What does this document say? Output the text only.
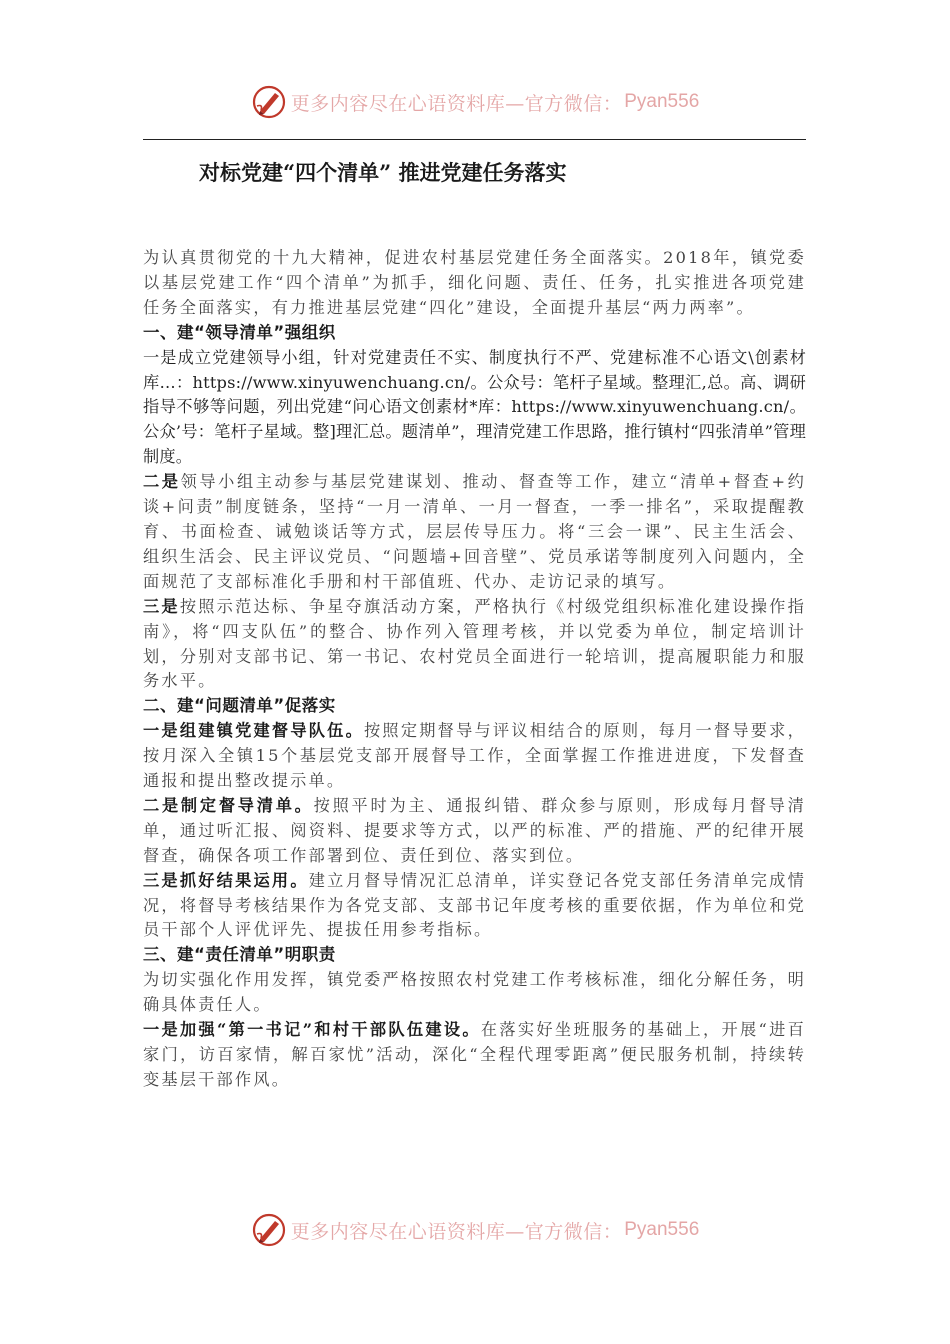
更多内容尽在心语资料库—官方微信： Pyan556
对标党建“四个清单” 推进党建任务落实

为认真贯彻党的十九大精神，促进农村基层党建任务全面落实。2018年，镇党委以基层党建工作“四个清单”为抓手，细化问题、责任、任务，扎实推进各项党建任务全面落实，有力推进基层党建“四化”建设，全面提升基层“两力两率”。

一、建“领导清单”强组织

一是成立党建领导小组，针对党建责任不实、制度执行不严、党建标准不心语文\创素材库…：https://www.xinyuwenchuang.cn/。公众号：笔杆子星域。整理汇,总。高、调研指导不够等问题，列出党建“问心语文创素材*库：https://www.xinyuwenchuang.cn/。公众’号：笔杆子星域。整]理汇总。题清单”，理清党建工作思路，推行镇村“四张清单”管理制度。

二是领导小组主动参与基层党建谋划、推动、督查等工作，建立“清单+督查+约谈+问责”制度链条，坚持“一月一清单、一月一督查，一季一排名”，采取提醒教育、书面检查、诫勉谈话等方式，层层传导压力。将“三会一课”、民主生活会、组织生活会、民主评议党员、“问题墙+回音壁”、党员承诺等制度列入问题内，全面规范了支部标准化手册和村干部值班、代办、走访记录的填写。

三是按照示范达标、争星夺旗活动方案，严格执行《村级党组织标准化建设操作指南》，将“四支队伍”的整合、协作列入管理考核，并以党委为单位，制定培训计划，分别对支部书记、第一书记、农村党员全面进行一轮培训，提高履职能力和服务水平。

二、建“问题清单”促落实

一是组建镇党建督导队伍。按照定期督导与评议相结合的原则，每月一督导要求，按月深入全镇15个基层党支部开展督导工作，全面掌握工作推进进度，下发督查通报和提出整改提示单。

二是制定督导清单。按照平时为主、通报纠错、群众参与原则，形成每月督导清单，通过听汇报、阅资料、提要求等方式，以严的标准、严的措施、严的纪律开展督查，确保各项工作部署到位、责任到位、落实到位。

三是抓好结果运用。建立月督导情况汇总清单，详实登记各党支部任务清单完成情况，将督导考核结果作为各党支部、支部书记年度考核的重要依据，作为单位和党员干部个人评优评先、提拔任用参考指标。

三、建“责任清单”明职责

为切实强化作用发挥，镇党委严格按照农村党建工作考核标准，细化分解任务，明确具体责任人。

一是加强“第一书记”和村干部队伍建设。在落实好坐班服务的基础上，开展“进百家门，访百家情，解百家忧”活动，深化“全程代理零距离”便民服务机制，持续转变基层干部作风。

更多内容尽在心语资料库—官方微信： Pyan556
